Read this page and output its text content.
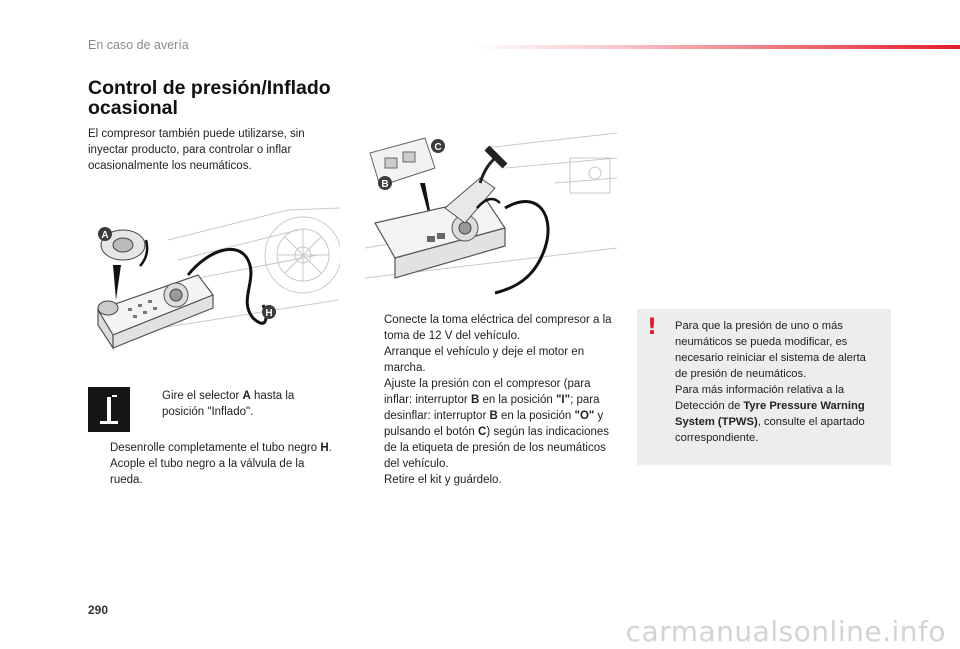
En caso de avería
Control de presión/Inflado ocasional
El compresor también puede utilizarse, sin inyectar producto, para controlar o inflar ocasionalmente los neumáticos.
A
H
B
C
Gire el selector A hasta la posición "Inflado".
Desenrolle completamente el tubo negro H.
Acople el tubo negro a la válvula de la rueda.
Conecte la toma eléctrica del compresor a la toma de 12 V del vehículo.
Arranque el vehículo y deje el motor en marcha.
Ajuste la presión con el compresor (para inflar: interruptor B en la posición "I"; para desinflar: interruptor B en la posición "O" y pulsando el botón C) según las indicaciones de la etiqueta de presión de los neumáticos del vehículo.
Retire el kit y guárdelo.
! Para que la presión de uno o más neumáticos se pueda modificar, es necesario reiniciar el sistema de alerta de presión de neumáticos.
Para más información relativa a la Detección de Tyre Pressure Warning System (TPWS), consulte el apartado correspondiente.
290
carmanualsonline.info
